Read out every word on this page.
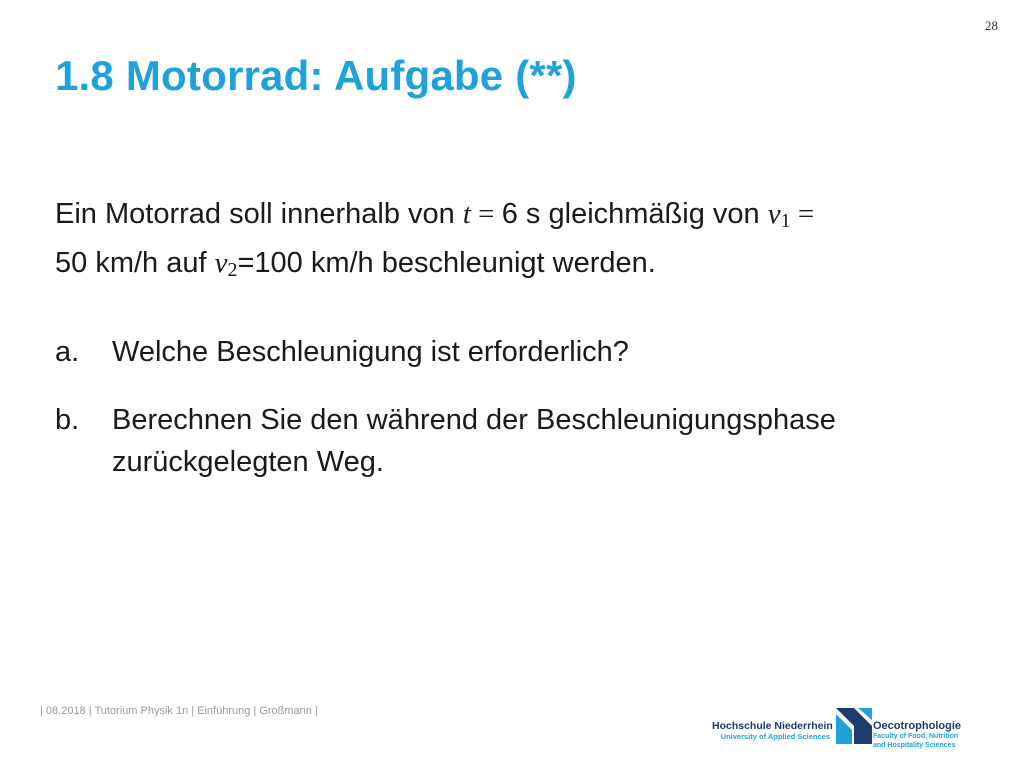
28
1.8 Motorrad: Aufgabe (**)

Ein Motorrad soll innerhalb von t = 6 s gleichmäßig von $v_1$ =
50 km/h auf $v_2=100$ km/h beschleunigt werden.

a.	Welche Beschleunigung ist erforderlich?
b.	Berechnen Sie den während der Beschleunigungsphase zurückgelegten Weg.
| 08.2018 | Tutorium Physik 1n | Einführung | Großmann |
Hochschule Niederrhein
University of Applied Sciences
Oecotrophologie
Faculty of Food, Nutrition
and Hospitality Sciences
